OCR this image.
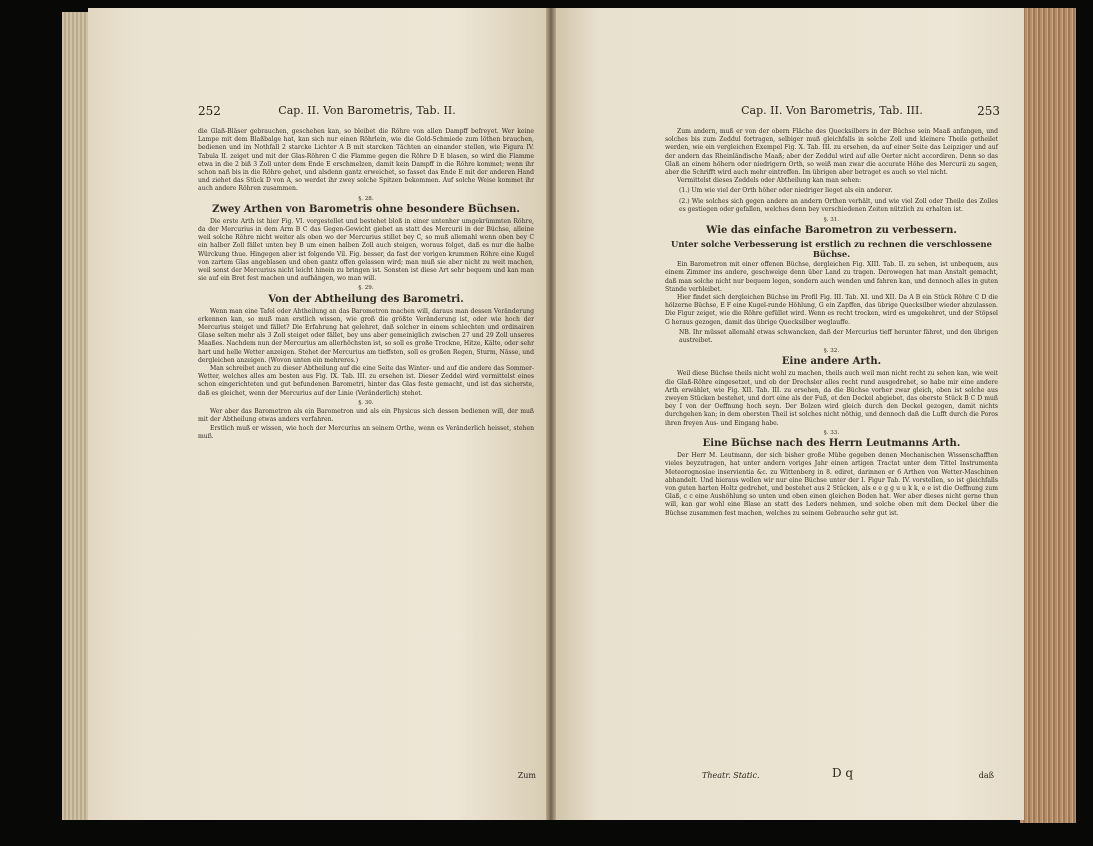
252	Cap. II. Von Barometris, Tab. II.

die Glaß-Bläser gebrauchen, geschehen kan, so bleibet die Röhre von allen Dampff befreyet. Wer keine Lampe mit dem Blaßbalge hat, kan sich nur einen Röhrlein, wie die Gold-Schmiede zum löthen brauchen, bedienen und im Nothfall 2 starcke Lichter A B mit starcken Tächten an einander stellen, wie Figura IV. Tabula II. zeiget und mit der Glas-Röhren C die Flamme gegen die Röhre D E blasen, so wird die Flamme etwa in die 2 biß 3 Zoll unter dem Ende E erschmelzen, damit kein Dampff in die Röhre kommet; wenn ihr schon naß bis in die Röhre gehet, und alsdenn gantz erweichet, so fasset das Ende E mit der anderen Hand und ziehet das Stück D von A, so werdet ihr zwey solche Spitzen bekommen. Auf solche Weise kommet ihr auch andere Röhren zusammen.

§. 28.
Zwey Arthen von Barometris ohne besondere Büchsen.

Die erste Arth ist hier Fig. VI. vorgestellet und bestehet bloß in einer untenher umgekrümmten Röhre, da der Mercurius in dem Arm B C das Gegen-Gewicht giebet an statt des Mercurii in der Büchse, alleine weil solche Röhre nicht weiter als oben wo der Mercurius stillet bey C, so muß allemahl wenn oben bey C ein halber Zoll fället unten bey B um einen halben Zoll auch steigen, woraus folget, daß es nur die halbe Würckung thue. Hingegen aber ist folgende Vil. Fig. besser, da fast der vorigen krummen Röhre eine Kugel von zartem Glas angeblasen und oben gantz offen gelassen wird; man muß sie aber nicht zu weit machen, weil sonst der Mercurius nicht leicht hinein zu bringen ist. Sonsten ist diese Art sehr bequem und kan man sie auf ein Bret fest machen und aufhängen, wo man will.

§. 29.
Von der Abtheilung des Barometri.

Wenn man eine Tafel oder Abtheilung an das Barometron machen will, daraus man dessen Veränderung erkennen kan, so muß man erstlich wissen, wie groß die größte Veränderung ist, oder wie hoch der Mercurius steiget und fället? Die Erfahrung hat gelehret, daß solcher in einem schlechten und ordinairen Glase selten mehr als 3 Zoll steiget oder fället, bey uns aber gemeiniglich zwischen 27 und 29 Zoll unseres Maaßes. Nachdem nun der Mercurius am allerhöchsten ist, so soll es große Trockne, Hitze, Kälte, oder sehr hart und helle Wetter anzeigen. Stehet der Mercurius am tieffsten, soll es großen Regen, Sturm, Nässe, und dergleichen anzeigen. (Wovon unten ein mehreres.)

Man schreibet auch zu dieser Abtheilung auf die eine Seite das Winter- und auf die andere das Sommer-Wetter, welches alles am besten aus Fig. IX. Tab. III. zu ersehen ist. Dieser Zeddel wird vermittelst eines schon eingerichteten und gut befundenen Barometri, hinter das Glas feste gemacht, und ist das sicherste, daß es gleichet, wenn der Mercurius auf der Linie (Veränderlich) stehet.

§. 30.

Wer aber das Barometron als ein Barometron und als ein Physicus sich dessen bedienen will, der muß mit der Abtheilung etwas anders verfahren.

Erstlich muß er wissen, wie hoch der Mercurius an seinem Orthe, wenn es Veränderlich heisset, stehen muß.

Zum
Cap. II. Von Barometris, Tab. III.	253

Zum andern, muß er von der obern Fläche des Quecksilbers in der Büchse sein Maaß anfangen, und solches bis zum Zeddul fortragen, selbiger muß gleichfalls in solche Zoll und kleinere Theile getheilet werden, wie ein vergleichen Exempel Fig. X. Tab. III. zu ersehen, da auf einer Seite das Leipziger und auf der andern das Rheinländische Maaß; aber der Zeddul wird auf alle Oerter nicht accordiren. Denn so das Glaß an einem höhern oder niedrigern Orth, so weiß man zwar die accurate Höhe des Mercurii zu sagen, aber die Schrifft wird auch mehr eintreffen. Im übrigen aber betraget es auch so viel nicht.

Vermittelst dieses Zeddels oder Abtheilung kan man sehen:

(1.) Um wie viel der Orth höher oder niedriger lieget als ein anderer.

(2.) Wie solches sich gegen andere an andern Orthen verhält, und wie viel Zoll oder Theile des Zolles es gestiegen oder gefallen, welches denn bey verschiedenen Zeiten nützlich zu erhalten ist.

§. 31.
Wie das einfache Barometron zu verbessern.
Unter solche Verbesserung ist erstlich zu rechnen die verschlossene Büchse.

Ein Barometron mit einer offenen Büchse, dergleichen Fig. XIII. Tab. II. zu sehen, ist unbequem, aus einem Zimmer ins andere, geschweige denn über Land zu tragen. Derowegen hat man Anstalt gemacht, daß man solche nicht nur bequem legen, sondern auch wenden und fahren kan, und dennoch alles in guten Stande verbleibet.

Hier findet sich dergleichen Büchse im Profil Fig. III. Tab. XI. und XII. Da A B ein Stück Röhre C D die hölzerne Büchse, E F eine Kugel-runde Höhlung, G ein Zapffen, das übrige Quecksilber wieder abzulassen. Die Figur zeiget, wie die Röhre gefüllet wird. Wenn es recht trocken, wird es umgekehret, und der Stöpsel G heraus gezogen, damit das übrige Quecksilber weglauffe.

NB. Ihr müsset allemahl etwas schwancken, daß der Mercurius tieff herunter fähret, und den übrigen austreibet.

§. 32.
Eine andere Arth.

Weil diese Büchse theils nicht wohl zu machen, theils auch weil man nicht recht zu sehen kan, wie weit die Glaß-Röhre eingesetzet, und ob der Drechsler alles recht rund ausgedrehet, so habe mir eine andere Arth erwählet, wie Fig. XII. Tab. III. zu ersehen, da die Büchse vorher zwar gleich, oben ist solche aus zweyen Stücken bestehet, und dort eine als der Fuß, et den Deckel abgiebet, das oberste Stück B C D muß bey I von der Oeffnung hoch seyn. Der Bolzen wird gleich durch den Deckel gezogen, damit nichts durchgehen kan; in dem obersten Theil ist solches nicht nöthig, und dennoch daß die Lufft durch die Poros ihren freyen Aus- und Eingang habe.

§. 33.
Eine Büchse nach des Herrn Leutmanns Arth.

Der Herr M. Leutmann, der sich bisher große Mühe gegeben denen Mechanischen Wissenschafften vieles beyzutragen, hat unter andern voriges Jahr einen artigen Tractat unter dem Tittel Instrumenta Meteorognosiae inservientia &c. zu Wittenberg in 8. ediret, darinnen er 6 Arthen von Wetter-Maschinen abhandelt. Und hieraus wollen wir nur eine Büchse unter der I. Figur Tab. IV. vorstellen, so ist gleichfalls von guten harten Holtz gedrehet, und bestehet aus 2 Stücken, als e e g g u u k k, e e ist die Oeffnung zum Glaß, c c eine Aushöhlung so unten und oben einen gleichen Boden hat. Wer aber dieses nicht gerne thun will, kan gar wohl eine Blase an statt des Leders nehmen, und solche oben mit dem Deckel über die Büchse zusammen fest machen, welches zu seinem Gebrauche sehr gut ist.

Theatr. Static.	D q	daß
